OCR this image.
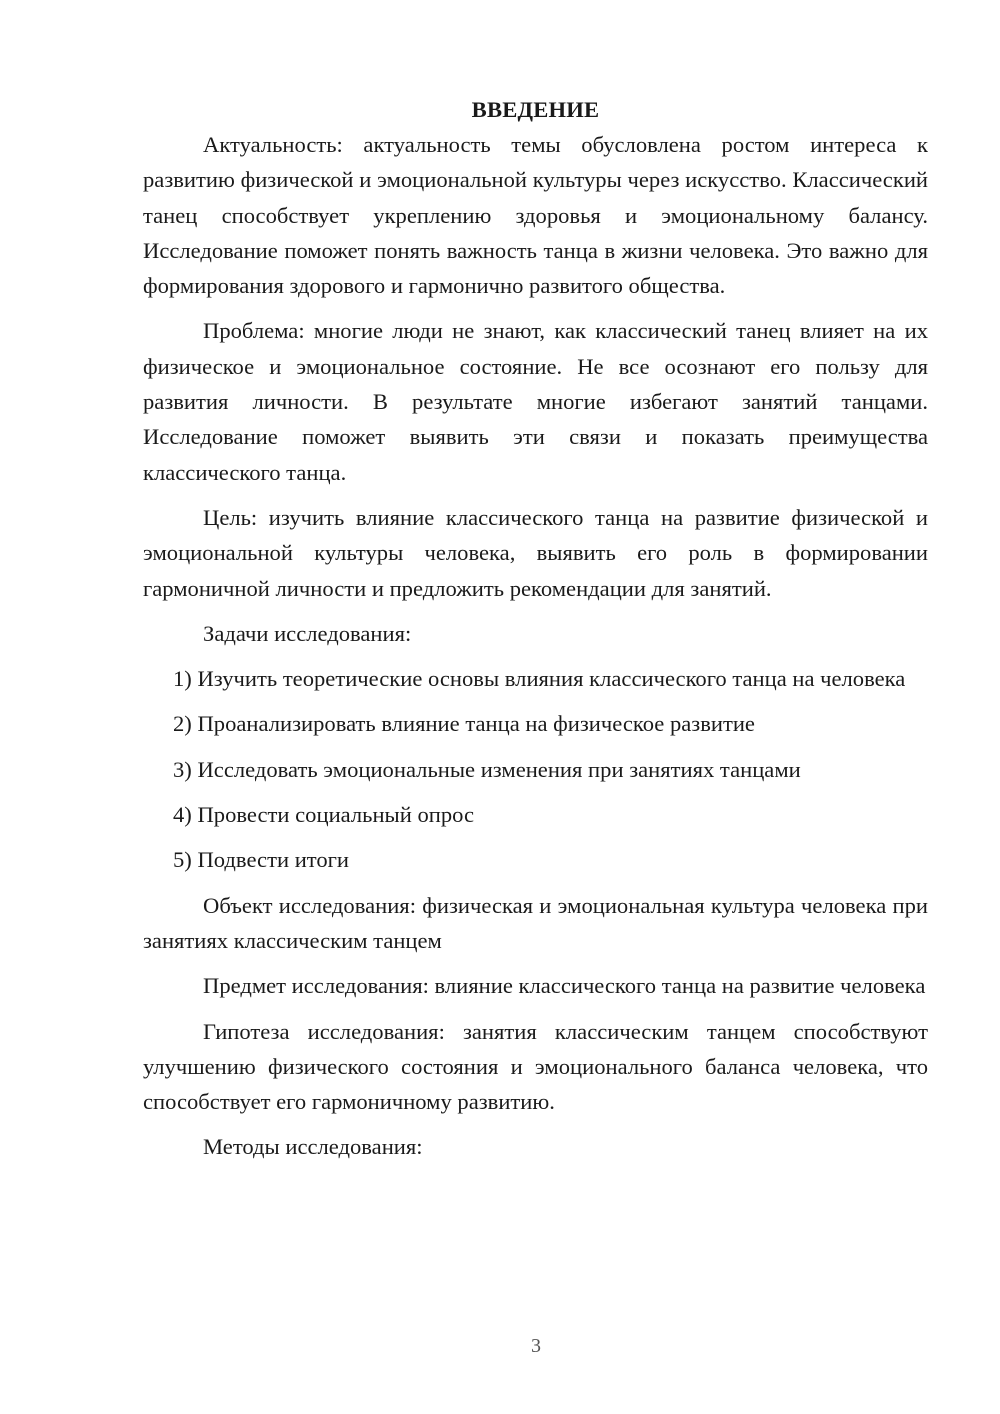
ВВЕДЕНИЕ

Актуальность: актуальность темы обусловлена ростом интереса к развитию физической и эмоциональной культуры через искусство. Классический танец способствует укреплению здоровья и эмоциональному балансу. Исследование поможет понять важность танца в жизни человека. Это важно для формирования здорового и гармонично развитого общества.

Проблема: многие люди не знают, как классический танец влияет на их физическое и эмоциональное состояние. Не все осознают его пользу для развития личности. В результате многие избегают занятий танцами. Исследование поможет выявить эти связи и показать преимущества классического танца.

Цель: изучить влияние классического танца на развитие физической и эмоциональной культуры человека, выявить его роль в формировании гармоничной личности и предложить рекомендации для занятий.

Задачи исследования:

1) Изучить теоретические основы влияния классического танца на человека

2) Проанализировать влияние танца на физическое развитие

3) Исследовать эмоциональные изменения при занятиях танцами

4) Провести социальный опрос

5) Подвести итоги

Объект исследования: физическая и эмоциональная культура человека при занятиях классическим танцем

Предмет исследования: влияние классического танца на развитие человека

Гипотеза исследования: занятия классическим танцем способствуют улучшению физического состояния и эмоционального баланса человека, что способствует его гармоничному развитию.

Методы исследования:

3
